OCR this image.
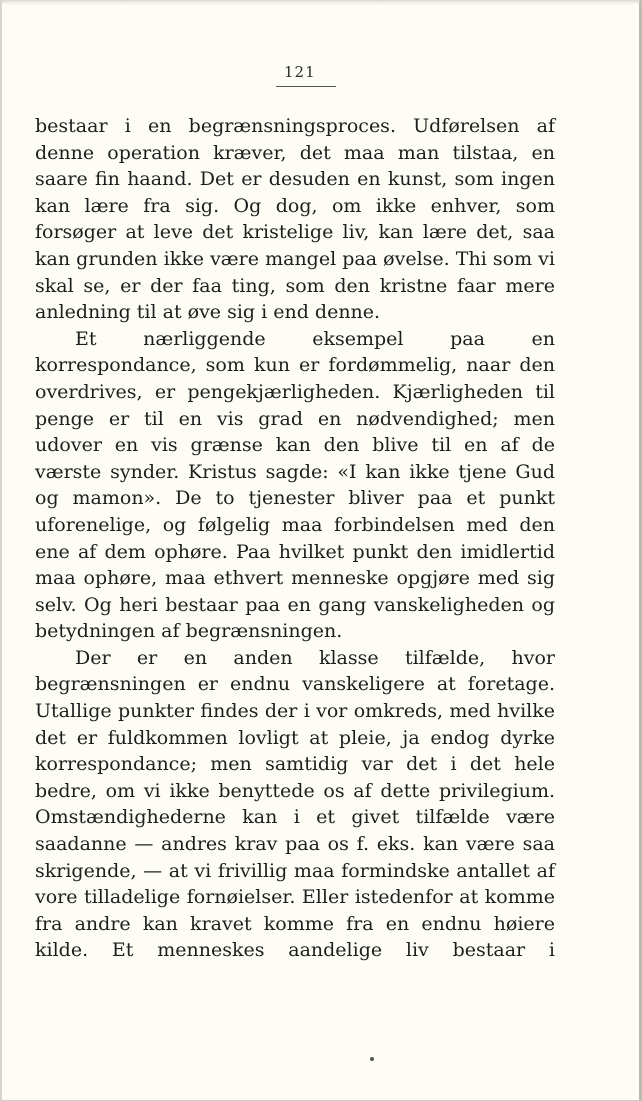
121

bestaar i en begrænsningsproces. Udførelsen af denne operation kræver, det maa man tilstaa, en saare fin haand. Det er desuden en kunst, som ingen kan lære fra sig. Og dog, om ikke enhver, som forsøger at leve det kristelige liv, kan lære det, saa kan grunden ikke være mangel paa øvelse. Thi som vi skal se, er der faa ting, som den kristne faar mere anledning til at øve sig i end denne.

Et nærliggende eksempel paa en korrespondance, som kun er fordømmelig, naar den overdrives, er pengekjærligheden. Kjærligheden til penge er til en vis grad en nødvendighed; men udover en vis grænse kan den blive til en af de værste synder. Kristus sagde: «I kan ikke tjene Gud og mamon». De to tjenester bliver paa et punkt uforenelige, og følgelig maa forbindelsen med den ene af dem ophøre. Paa hvilket punkt den imidlertid maa ophøre, maa ethvert menneske opgjøre med sig selv. Og heri bestaar paa en gang vanskeligheden og betydningen af begrænsningen.

Der er en anden klasse tilfælde, hvor begrænsningen er endnu vanskeligere at foretage. Utallige punkter findes der i vor omkreds, med hvilke det er fuldkommen lovligt at pleie, ja endog dyrke korrespondance; men samtidig var det i det hele bedre, om vi ikke benyttede os af dette privilegium. Omstændighederne kan i et givet tilfælde være saadanne — andres krav paa os f. eks. kan være saa skrigende, — at vi frivillig maa formindske antallet af vore tilladelige fornøielser. Eller istedenfor at komme fra andre kan kravet komme fra en endnu høiere kilde. Et menneskes aandelige liv bestaar i
